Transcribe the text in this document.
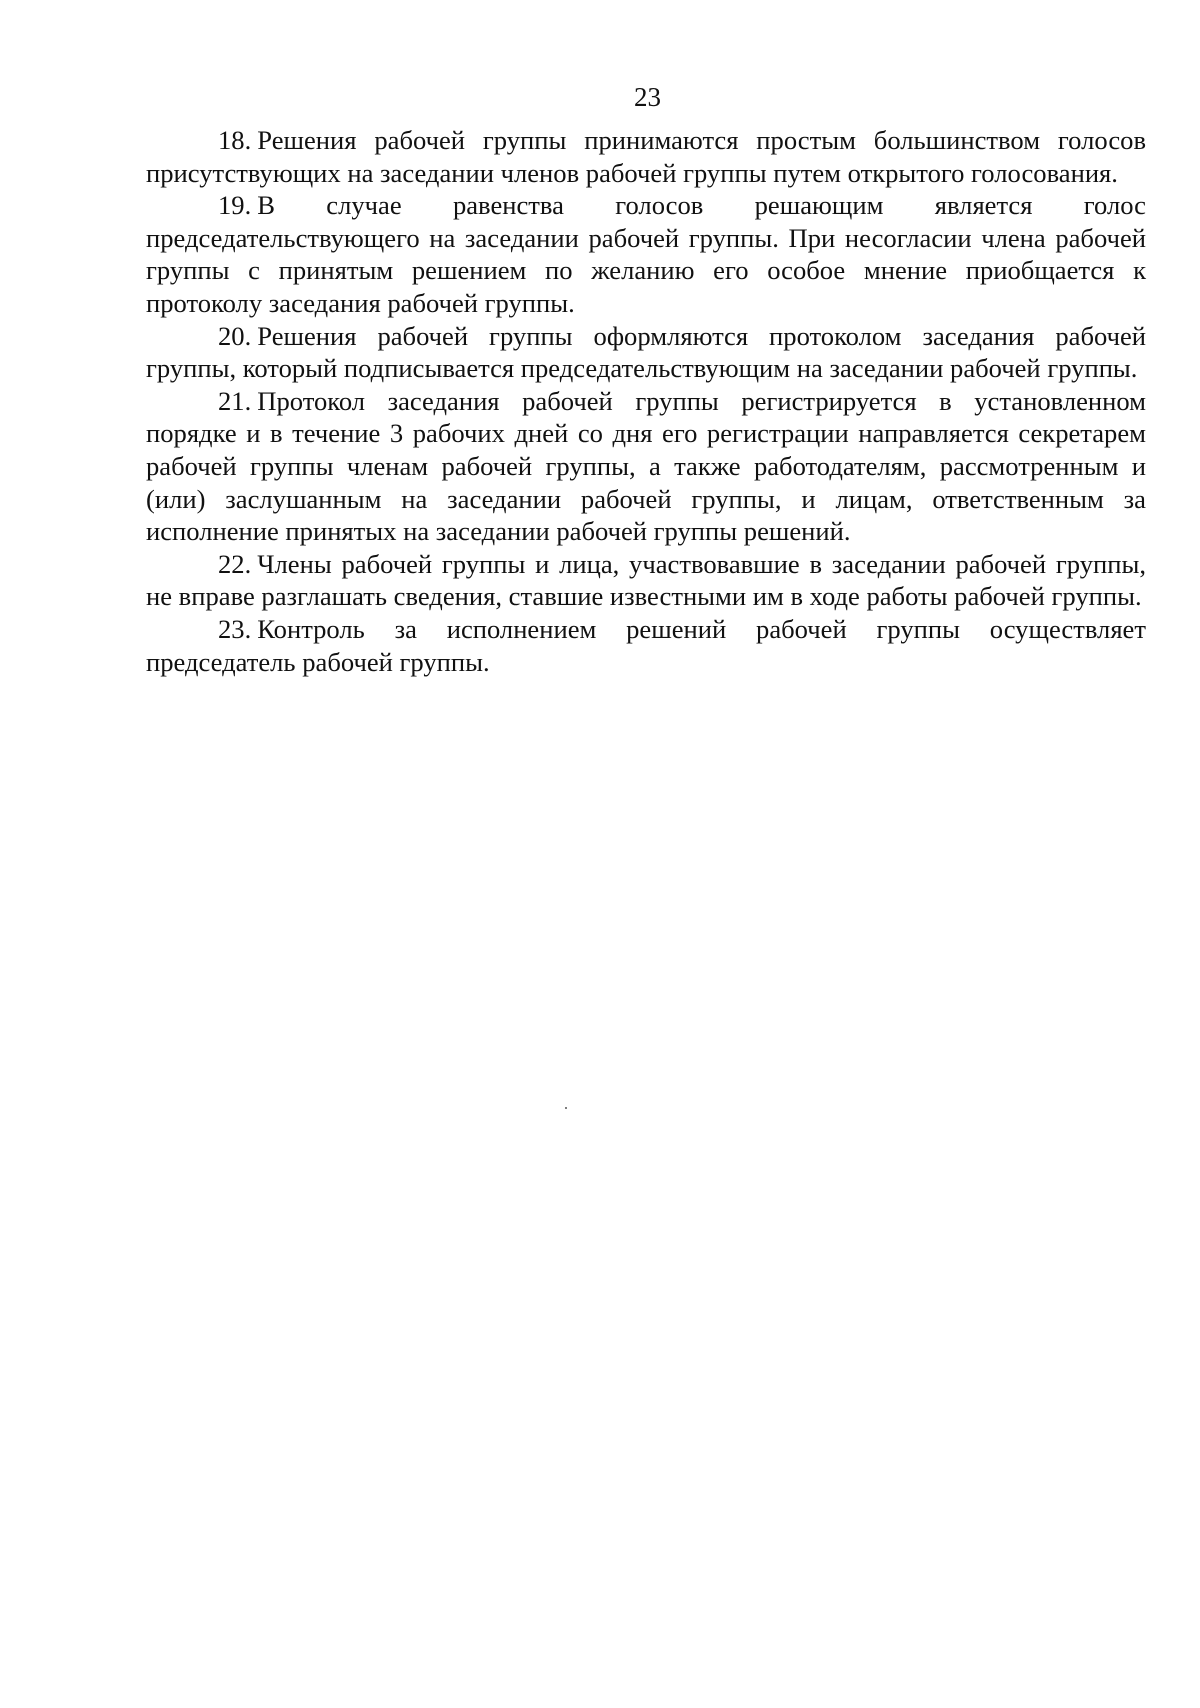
23

18. Решения рабочей группы принимаются простым большинством голосов присутствующих на заседании членов рабочей группы путем открытого голосования.

19. В случае равенства голосов решающим является голос председательствующего на заседании рабочей группы. При несогласии члена рабочей группы с принятым решением по желанию его особое мнение приобщается к протоколу заседания рабочей группы.

20. Решения рабочей группы оформляются протоколом заседания рабочей группы, который подписывается председательствующим на заседании рабочей группы.

21. Протокол заседания рабочей группы регистрируется в установленном порядке и в течение 3 рабочих дней со дня его регистрации направляется секретарем рабочей группы членам рабочей группы, а также работодателям, рассмотренным и (или) заслушанным на заседании рабочей группы, и лицам, ответственным за исполнение принятых на заседании рабочей группы решений.

22. Члены рабочей группы и лица, участвовавшие в заседании рабочей группы, не вправе разглашать сведения, ставшие известными им в ходе работы рабочей группы.

23. Контроль за исполнением решений рабочей группы осуществляет председатель рабочей группы.
